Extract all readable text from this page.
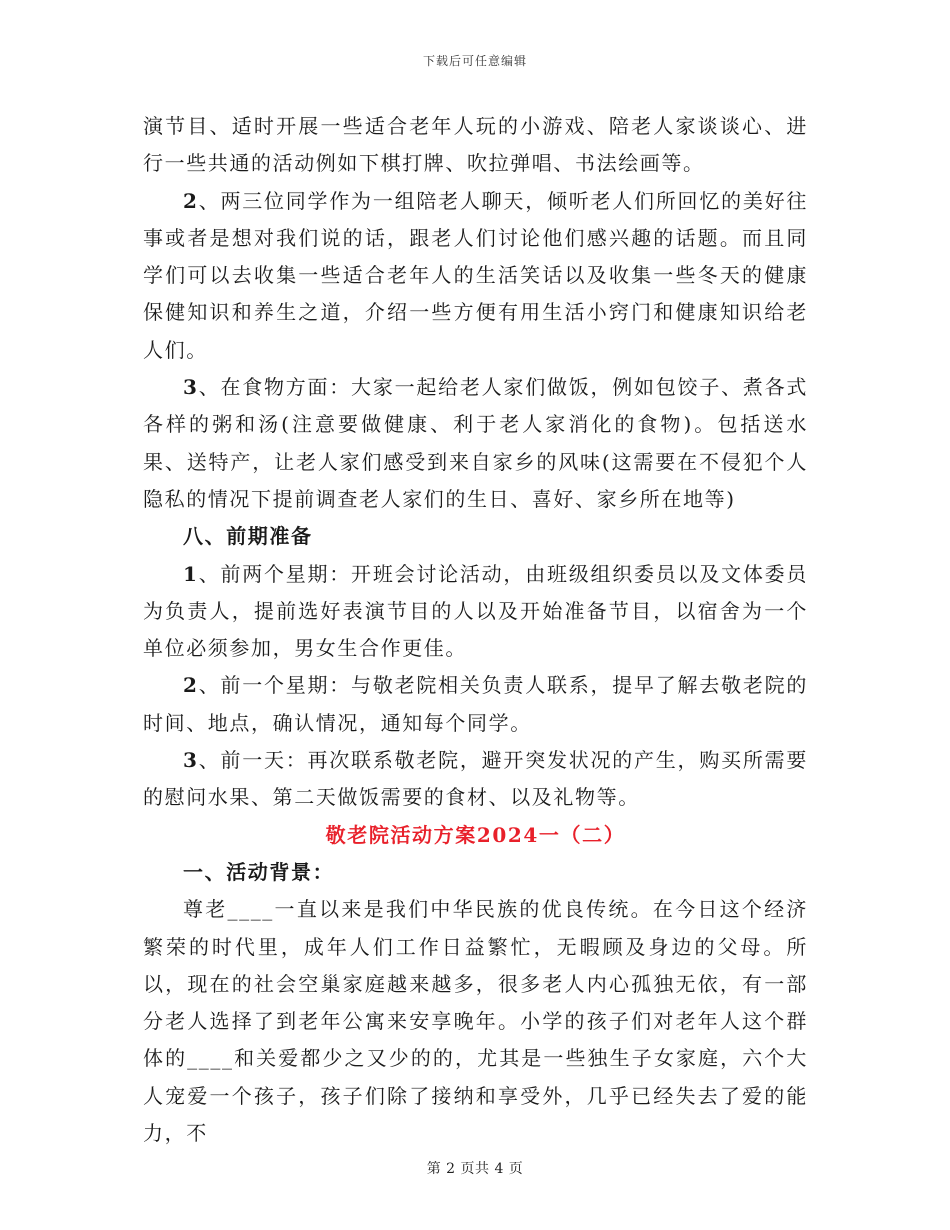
下载后可任意编辑

演节目、适时开展一些适合老年人玩的小游戏、陪老人家谈谈心、进行一些共通的活动例如下棋打牌、吹拉弹唱、书法绘画等。

2、两三位同学作为一组陪老人聊天，倾听老人们所回忆的美好往事或者是想对我们说的话，跟老人们讨论他们感兴趣的话题。而且同学们可以去收集一些适合老年人的生活笑话以及收集一些冬天的健康保健知识和养生之道，介绍一些方便有用生活小窍门和健康知识给老人们。

3、在食物方面：大家一起给老人家们做饭，例如包饺子、煮各式各样的粥和汤(注意要做健康、利于老人家消化的食物)。包括送水果、送特产，让老人家们感受到来自家乡的风味(这需要在不侵犯个人隐私的情况下提前调查老人家们的生日、喜好、家乡所在地等)

八、前期准备

1、前两个星期：开班会讨论活动，由班级组织委员以及文体委员为负责人，提前选好表演节目的人以及开始准备节目，以宿舍为一个单位必须参加，男女生合作更佳。

2、前一个星期：与敬老院相关负责人联系，提早了解去敬老院的时间、地点，确认情况，通知每个同学。

3、前一天：再次联系敬老院，避开突发状况的产生，购买所需要的慰问水果、第二天做饭需要的食材、以及礼物等。

敬老院活动方案2024一（二）

一、活动背景：

尊老____一直以来是我们中华民族的优良传统。在今日这个经济繁荣的时代里，成年人们工作日益繁忙，无暇顾及身边的父母。所以，现在的社会空巢家庭越来越多，很多老人内心孤独无依，有一部分老人选择了到老年公寓来安享晚年。小学的孩子们对老年人这个群体的____和关爱都少之又少的的，尤其是一些独生子女家庭，六个大人宠爱一个孩子，孩子们除了接纳和享受外，几乎已经失去了爱的能力，不

第 2 页共 4 页
